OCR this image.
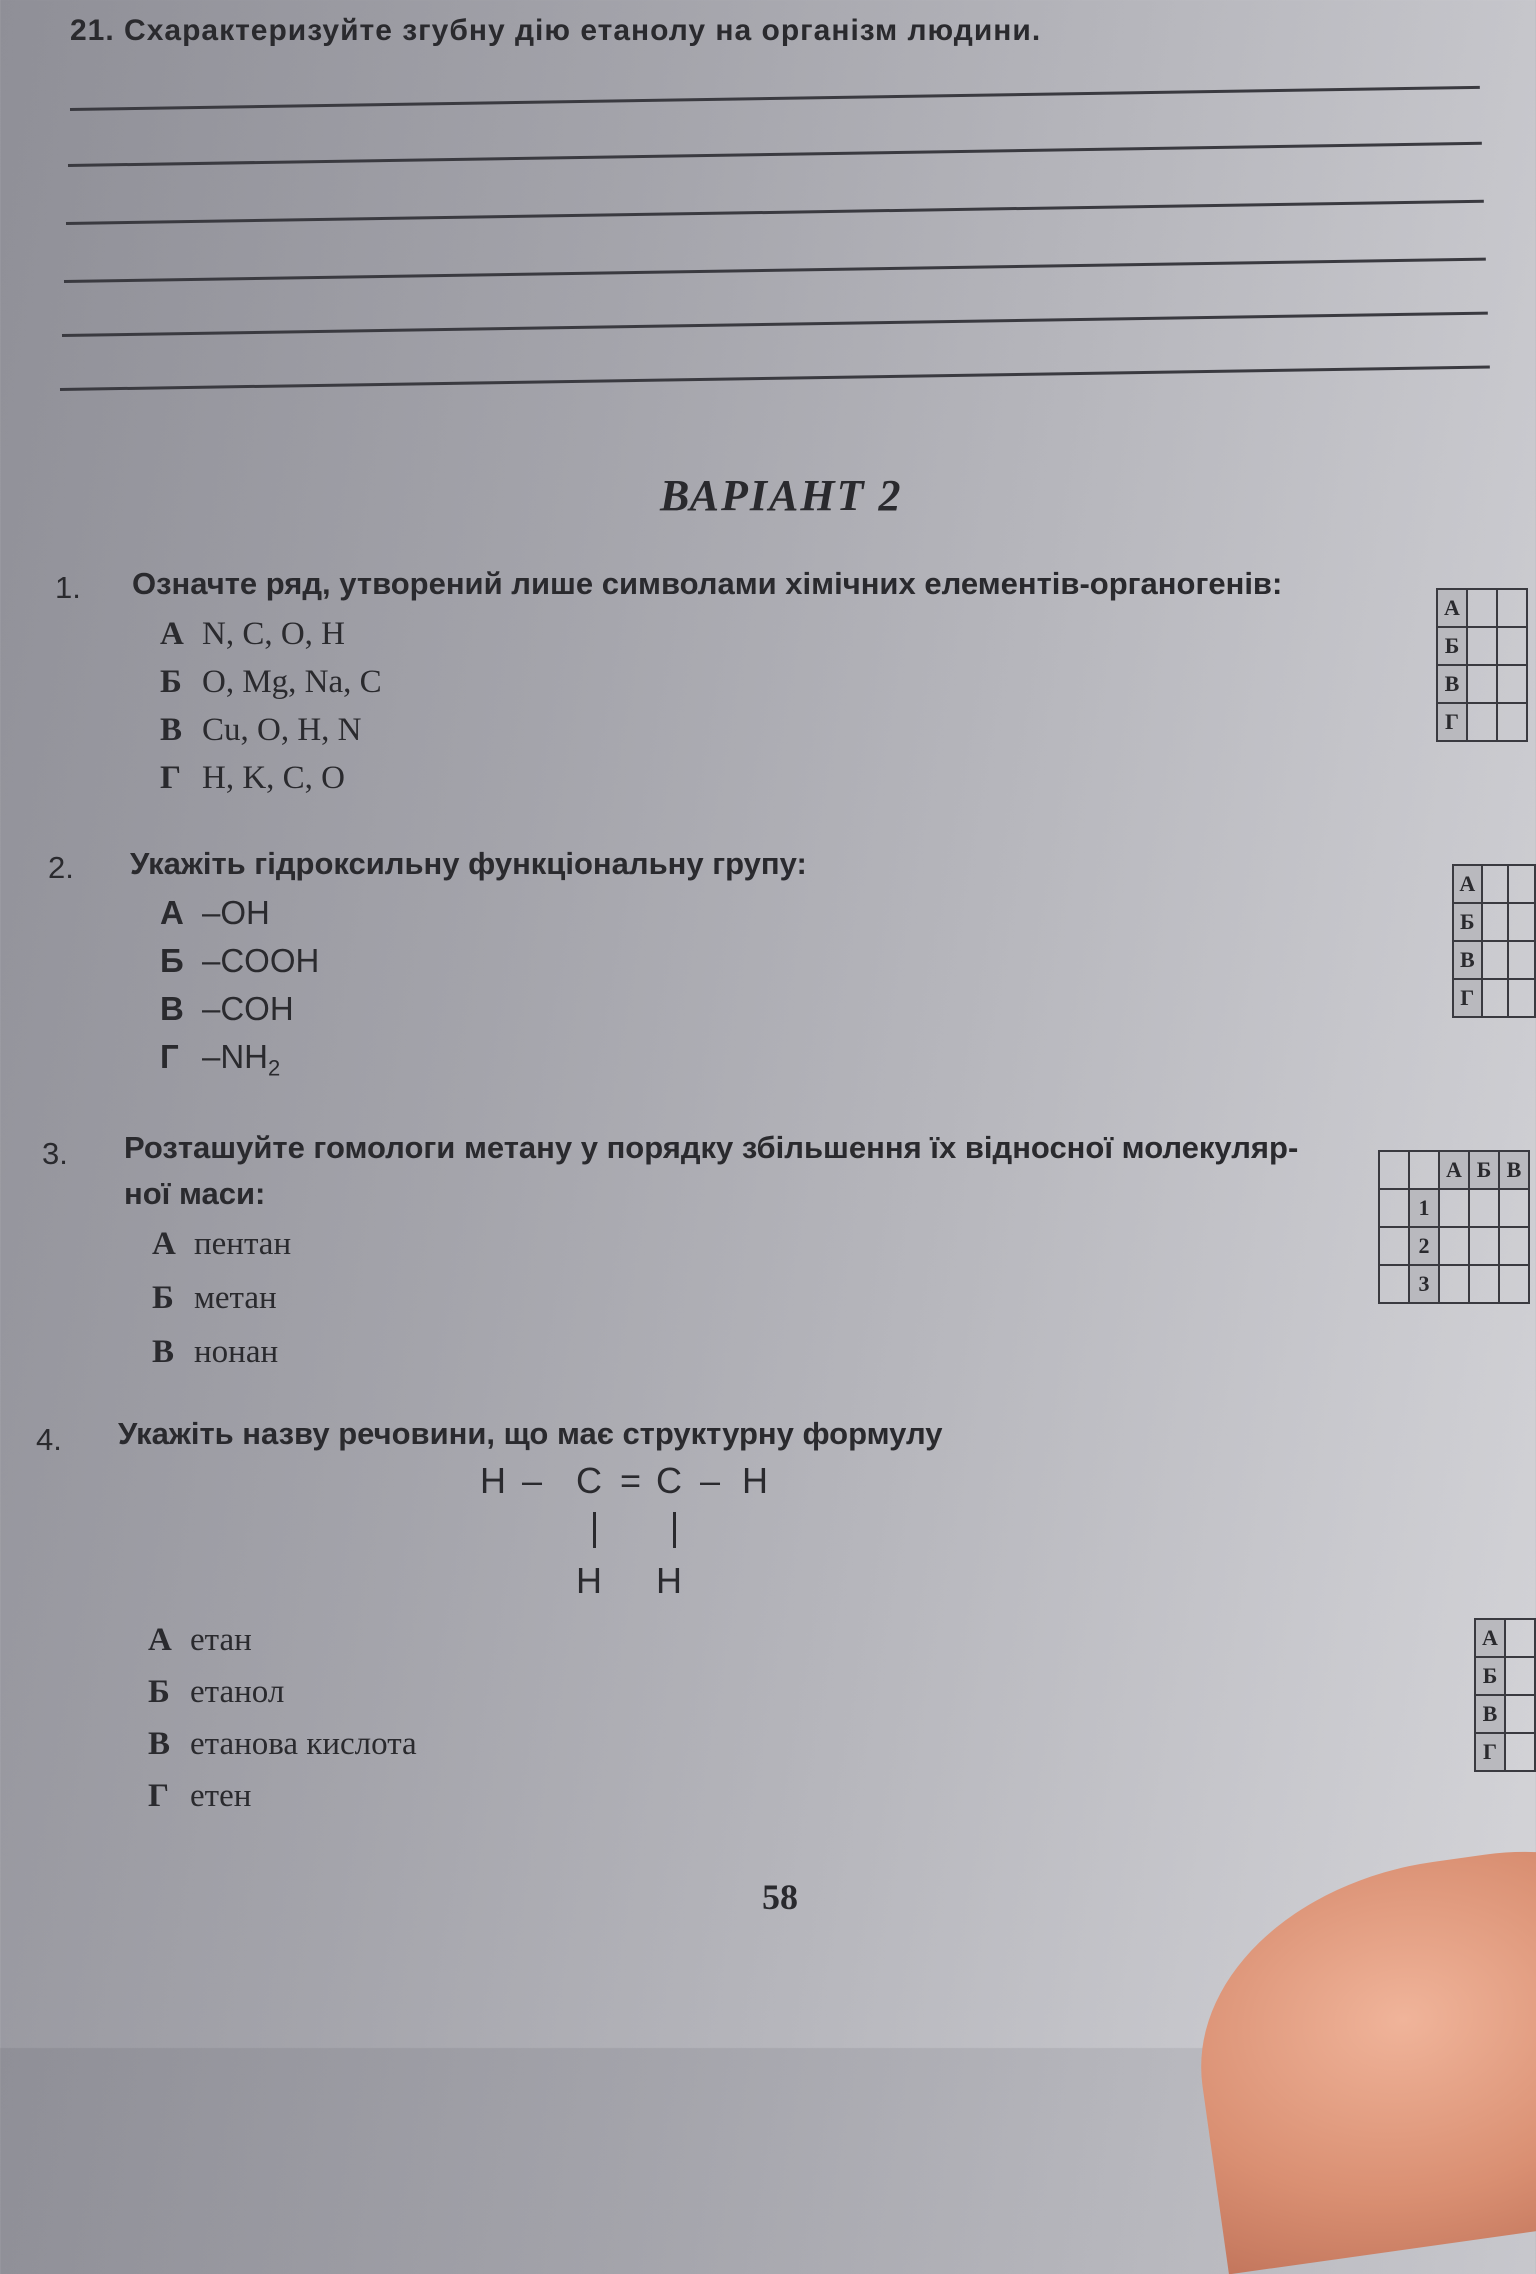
21. Схарактеризуйте згубну дію етанолу на організм людини.
ВАРІАНТ 2
1. Означте ряд, утворений лише символами хімічних елементів-органогенів:
А N, C, O, H
Б O, Mg, Na, C
В Cu, O, H, N
Г H, K, C, O
А		
Б		
В		
Г		
2. Укажіть гідроксильну функціональну групу:
А –OH
Б –COOH
В –COH
Г $-NH_2$
А		
Б		
В		
Г		
3. Розташуйте гомологи метану у порядку збільшення їх відносної молекуляр-
ної маси:
А пентан
Б метан
В нонан
		А	Б	В
	1			
	2			
	3			
4. Укажіть назву речовини, що має структурну формулу
H – C = C – H
H H
А етан
Б етанол
В етанова кислота
Г етен
А	
Б	
В	
Г	
58
